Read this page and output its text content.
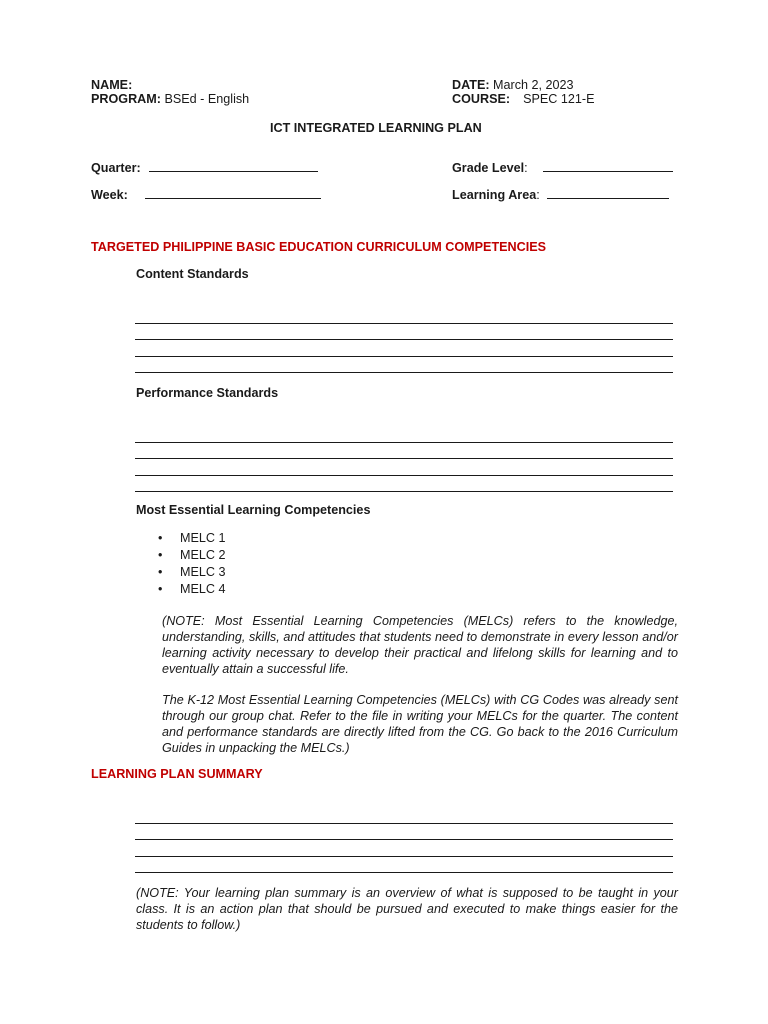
NAME:
PROGRAM: BSEd - English
DATE: March 2, 2023
COURSE: SPEC 121-E
ICT INTEGRATED LEARNING PLAN
Quarter:
Week:
Grade Level:
Learning Area:
TARGETED PHILIPPINE BASIC EDUCATION CURRICULUM COMPETENCIES
Content Standards
Performance Standards
Most Essential Learning Competencies
• MELC 1
• MELC 2
• MELC 3
• MELC 4
(NOTE: Most Essential Learning Competencies (MELCs) refers to the knowledge, understanding, skills, and attitudes that students need to demonstrate in every lesson and/or learning activity necessary to develop their practical and lifelong skills for learning and to eventually attain a successful life.
The K-12 Most Essential Learning Competencies (MELCs) with CG Codes was already sent through our group chat. Refer to the file in writing your MELCs for the quarter. The content and performance standards are directly lifted from the CG. Go back to the 2016 Curriculum Guides in unpacking the MELCs.)
LEARNING PLAN SUMMARY
(NOTE: Your learning plan summary is an overview of what is supposed to be taught in your class. It is an action plan that should be pursued and executed to make things easier for the students to follow.)
